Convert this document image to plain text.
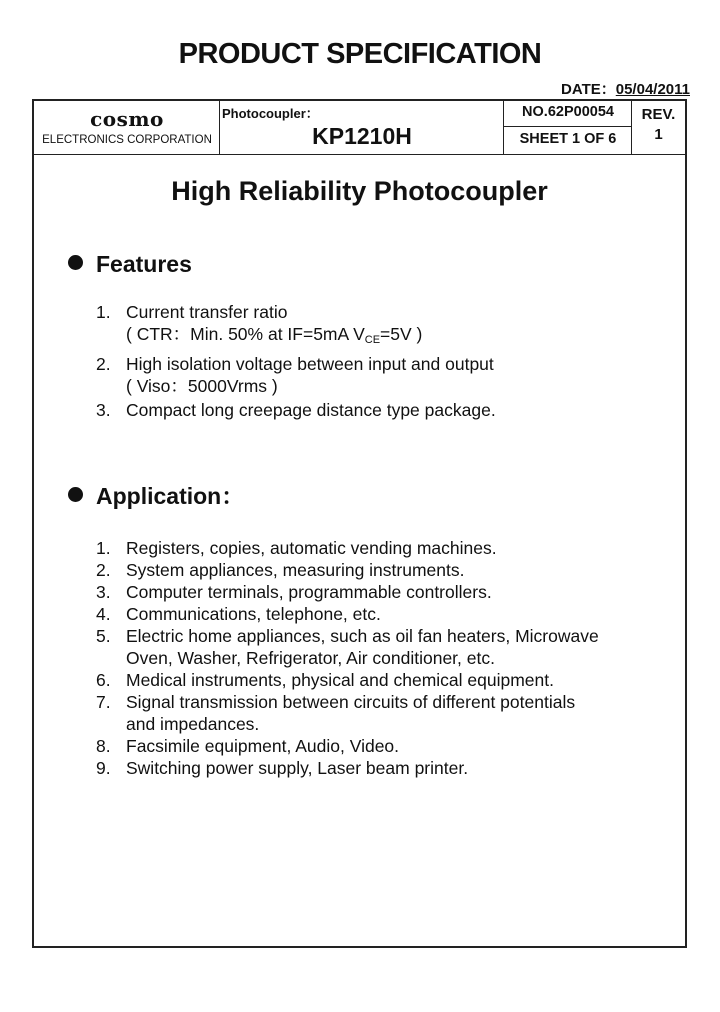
PRODUCT SPECIFICATION
DATE：05/04/2011
cosmo
ELECTRONICS CORPORATION
Photocoupler：
KP1210H
NO.62P00054
SHEET 1 OF 6
REV.
1
High Reliability Photocoupler
Features
1. Current transfer ratio
( CTR：Min. 50% at IF=5mA $V_{CE}=5V$ )
2. High isolation voltage between input and output
( Viso：5000Vrms )
3. Compact long creepage distance type package.
Application：
1. Registers, copies, automatic vending machines.
2. System appliances, measuring instruments.
3. Computer terminals, programmable controllers.
4. Communications, telephone, etc.
5. Electric home appliances, such as oil fan heaters, Microwave
Oven, Washer, Refrigerator, Air conditioner, etc.
6. Medical instruments, physical and chemical equipment.
7. Signal transmission between circuits of different potentials
and impedances.
8. Facsimile equipment, Audio, Video.
9. Switching power supply, Laser beam printer.
